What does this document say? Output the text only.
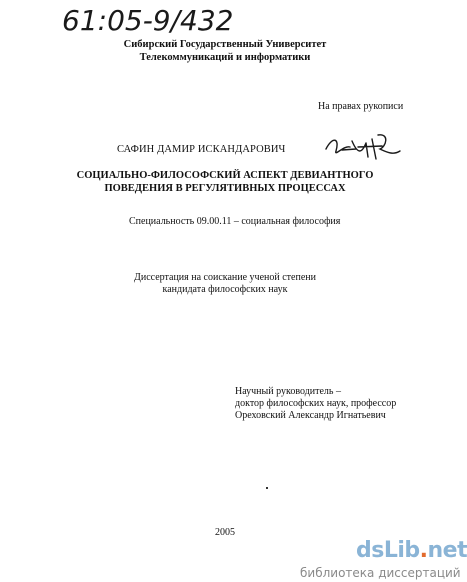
61:05-9/432
Сибирский Государственный Университет
Телекоммуникаций и информатики
На правах рукописи
САФИН ДАМИР ИСКАНДАРОВИЧ
СОЦИАЛЬНО-ФИЛОСОФСКИЙ АСПЕКТ ДЕВИАНТНОГО
ПОВЕДЕНИЯ В РЕГУЛЯТИВНЫХ ПРОЦЕССАХ
Специальность 09.00.11 – социальная философия
Диссертация на соискание ученой степени
кандидата философских наук
Научный руководитель –
доктор философских наук, профессор
Ореховский Александр Игнатьевич
2005
dsLib.net
библиотека диссертаций
